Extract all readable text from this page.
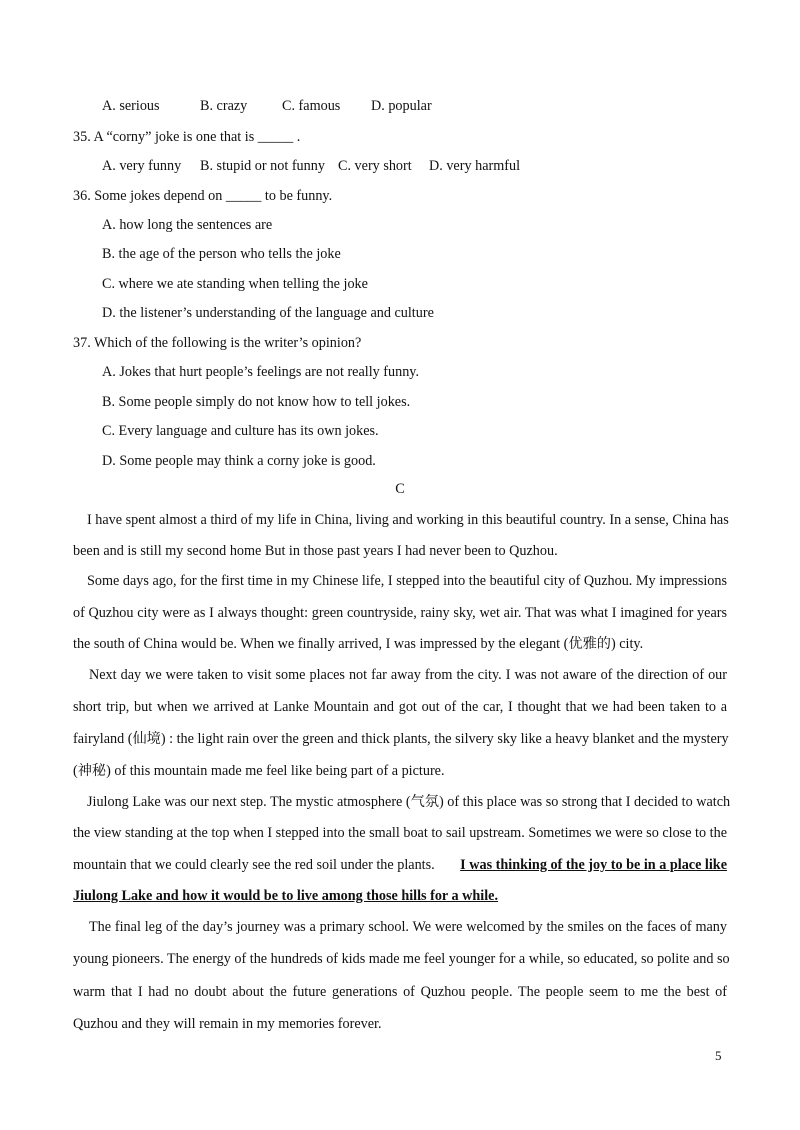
A. serious	B. crazy C. famous D. popular
35. A “corny” joke is one that is _____ .
A. very funny B. stupid or not funny C. very short D. very harmful
36. Some jokes depend on _____ to be funny.
A. how long the sentences are
B. the age of the person who tells the joke
C. where we ate standing when telling the joke
D. the listener’s understanding of the language and culture
37. Which of the following is the writer’s opinion?
A. Jokes that hurt people’s feelings are not really funny.
B. Some people simply do not know how to tell jokes.
C. Every language and culture has its own jokes.
D. Some people may think a corny joke is good.
C
I have spent almost a third of my life in China, living and working in this beautiful country. In a sense, China has
been and is still my second home But in those past years I had never been to Quzhou.
Some days ago, for the first time in my Chinese life, I stepped into the beautiful city of Quzhou. My impressions
of Quzhou city were as I always thought: green countryside, rainy sky, wet air. That was what I imagined for years
the south of China would be. When we finally arrived, I was impressed by the elegant (优雅的) city.
Next day we were taken to visit some places not far away from the city. I was not aware of the direction of our
short trip, but when we arrived at Lanke Mountain and got out of the car, I thought that we had been taken to a
fairyland (仙境) : the light rain over the green and thick plants, the silvery sky like a heavy blanket and the mystery
(神秘) of this mountain made me feel like being part of a picture.
Jiulong Lake was our next step. The mystic atmosphere (气氛) of this place was so strong that I decided to watch
the view standing at the top when I stepped into the small boat to sail upstream. Sometimes we were so close to the
mountain that we could clearly see the red soil under the plants. I was thinking of the joy to be in a place like
Jiulong Lake and how it would be to live among those hills for a while.
The final leg of the day’s journey was a primary school. We were welcomed by the smiles on the faces of many
young pioneers. The energy of the hundreds of kids made me feel younger for a while, so educated, so polite and so
warm that I had no doubt about the future generations of Quzhou people. The people seem to me the best of
Quzhou and they will remain in my memories forever.
5
